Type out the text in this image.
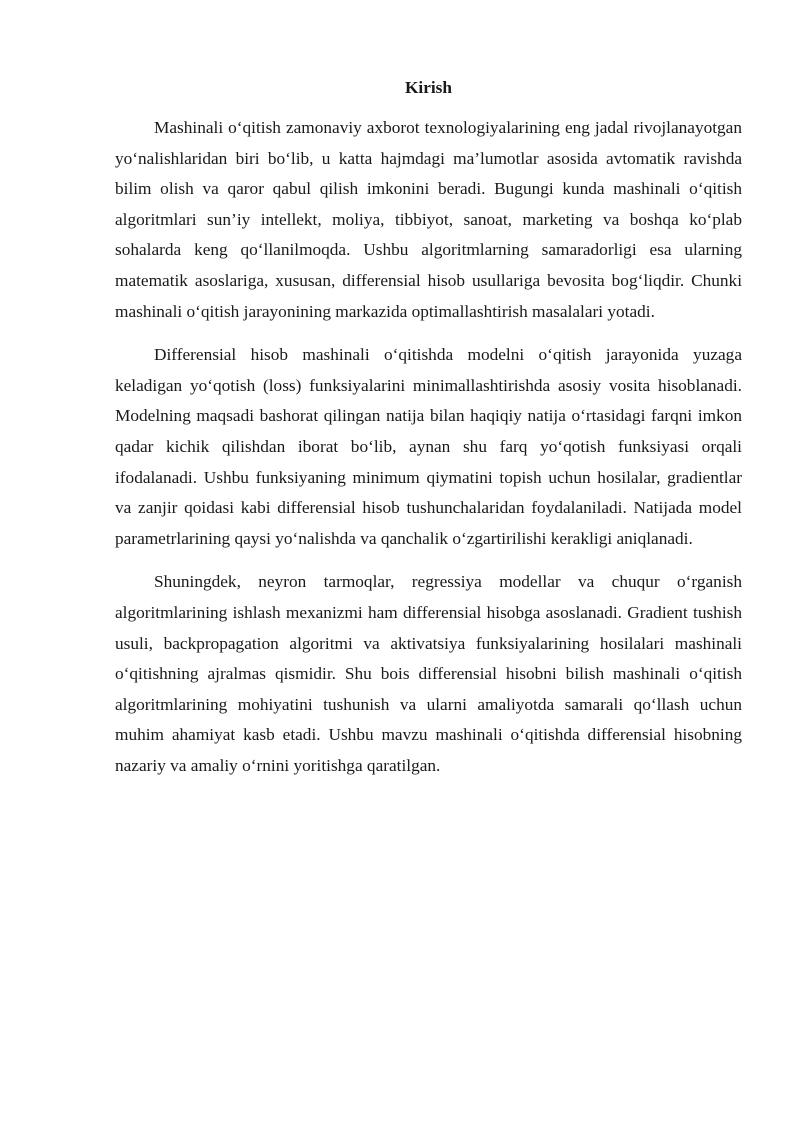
Kirish

Mashinali o‘qitish zamonaviy axborot texnologiyalarining eng jadal rivojlanayotgan yo‘nalishlaridan biri bo‘lib, u katta hajmdagi ma’lumotlar asosida avtomatik ravishda bilim olish va qaror qabul qilish imkonini beradi. Bugungi kunda mashinali o‘qitish algoritmlari sun’iy intellekt, moliya, tibbiyot, sanoat, marketing va boshqa ko‘plab sohalarda keng qo‘llanilmoqda. Ushbu algoritmlarning samaradorligi esa ularning matematik asoslariga, xususan, differensial hisob usullariga bevosita bog‘liqdir. Chunki mashinali o‘qitish jarayonining markazida optimallashtirish masalalari yotadi.

Differensial hisob mashinali o‘qitishda modelni o‘qitish jarayonida yuzaga keladigan yo‘qotish (loss) funksiyalarini minimallashtirishda asosiy vosita hisoblanadi. Modelning maqsadi bashorat qilingan natija bilan haqiqiy natija o‘rtasidagi farqni imkon qadar kichik qilishdan iborat bo‘lib, aynan shu farq yo‘qotish funksiyasi orqali ifodalanadi. Ushbu funksiyaning minimum qiymatini topish uchun hosilalar, gradientlar va zanjir qoidasi kabi differensial hisob tushunchalaridan foydalaniladi. Natijada model parametrlarining qaysi yo‘nalishda va qanchalik o‘zgartirilishi kerakligi aniqlanadi.

Shuningdek, neyron tarmoqlar, regressiya modellar va chuqur o‘rganish algoritmlarining ishlash mexanizmi ham differensial hisobga asoslanadi. Gradient tushish usuli, backpropagation algoritmi va aktivatsiya funksiyalarining hosilalari mashinali o‘qitishning ajralmas qismidir. Shu bois differensial hisobni bilish mashinali o‘qitish algoritmlarining mohiyatini tushunish va ularni amaliyotda samarali qo‘llash uchun muhim ahamiyat kasb etadi. Ushbu mavzu mashinali o‘qitishda differensial hisobning nazariy va amaliy o‘rnini yoritishga qaratilgan.
